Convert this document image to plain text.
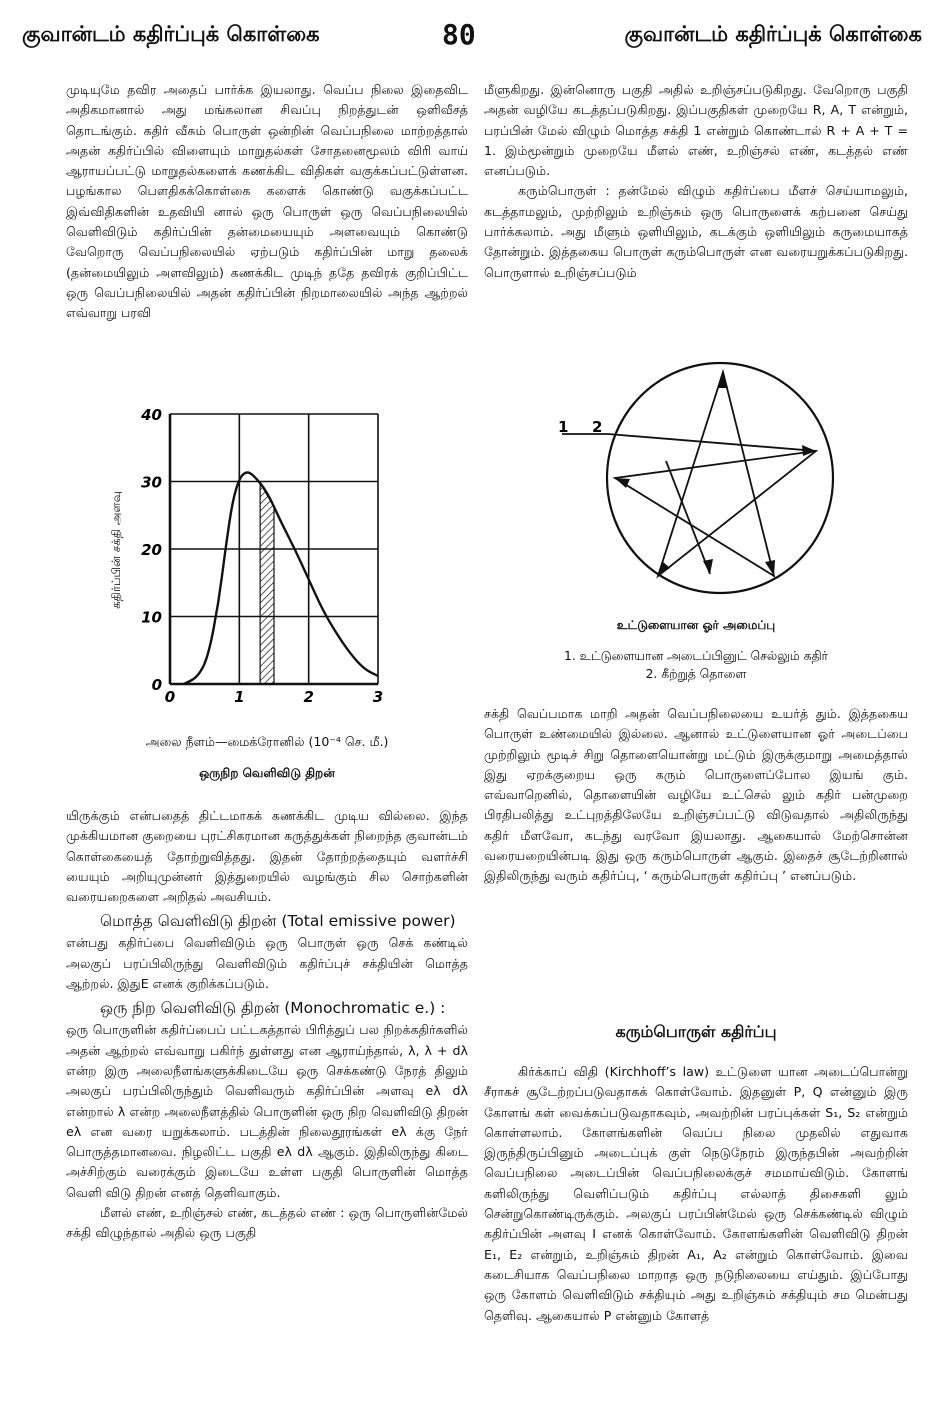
குவான்டம் கதிர்ப்புக் கொள்கை	80	குவான்டம் கதிர்ப்புக் கொள்கை

முடியுமே தவிர அதைப் பார்க்க இயலாது. வெப்ப நிலை இதைவிட அதிகமானால் அது மங்கலான சிவப்பு நிறத்துடன் ஒளிவீசத் தொடங்கும். கதிர் வீசும் பொருள் ஒன்றின் வெப்பநிலை மாற்றத்தால் அதன் கதிர்ப்பில் விளையும் மாறுதல்கள் சோதனைமூலம் விரி வாய் ஆராயப்பட்டு மாறுதல்களைக் கணக்கிட விதிகள் வகுக்கப்பட்டுள்ளன. பழங்கால பௌதிகக்கொள்கை களைக் கொண்டு வகுக்கப்பட்ட இவ்விதிகளின் உதவியி னால் ஒரு பொருள் ஒரு வெப்பநிலையில் வெளிவிடும் கதிர்ப்பின் தன்மையையும் அளவையும் கொண்டு வேறொரு வெப்பநிலையில் ஏற்படும் கதிர்ப்பின் மாறு தலைக் (தன்மையிலும் அளவிலும்) கணக்கிட முடிந் ததே தவிரக் குறிப்பிட்ட ஒரு வெப்பநிலையில் அதன் கதிர்ப்பின் நிறமாலையில் அந்த ஆற்றல் எவ்வாறு பரவி

0
10
20
30
40
0	1	2	3
கதிர்ப்பின் சக்தி அளவு
அலை நீளம்—மைக்ரோனில் (10⁻⁴ செ. மீ.)
ஒருநிற வெளிவிடு திறன்

யிருக்கும் என்பதைத் திட்டமாகக் கணக்கிட முடிய வில்லை. இந்த முக்கியமான குறையை புரட்சிகரமான கருத்துக்கள் நிறைந்த குவான்டம் கொள்கையைத் தோற்றுவித்தது. இதன் தோற்றத்தையும் வளர்ச்சி யையும் அறியுமுன்னர் இத்துறையில் வழங்கும் சில சொற்களின் வரையறைகளை அறிதல் அவசியம்.

மொத்த வெளிவிடு திறன் (Total emissive power)

என்பது கதிர்ப்பை வெளிவிடும் ஒரு பொருள் ஒரு செக் கண்டில் அலகுப் பரப்பிலிருந்து வெளிவிடும் கதிர்ப்புச் சக்தியின் மொத்த ஆற்றல். இதுE எனக் குறிக்கப்படும்.

ஒரு நிற வெளிவிடு திறன் (Monochromatic e.) :

ஒரு பொருளின் கதிர்ப்பைப் பட்டகத்தால் பிரித்துப் பல நிறக்கதிர்களில் அதன் ஆற்றல் எவ்வாறு பகிர்ந் துள்ளது என ஆராய்ந்தால், λ, λ + dλ என்ற இரு அலைநீளங்களுக்கிடையே ஒரு செக்கண்டு நேரத் திலும் அலகுப் பரப்பிலிருந்தும் வெளிவரும் கதிர்ப்பின் அளவு eλ dλ என்றால் λ என்ற அலைநீளத்தில் பொருளின் ஒரு நிற வெளிவிடு திறன் eλ என வரை யறுக்கலாம். படத்தின் நிலைதூரங்கள் eλ க்கு நேர் பொருத்தமானவை. நிழலிட்ட பகுதி eλ dλ ஆகும். இதிலிருந்து கிடை அச்சிற்கும் வரைக்கும் இடையே உள்ள பகுதி பொருளின் மொத்த வெளி விடு திறன் எனத் தெளிவாகும்.

மீளல் எண், உறிஞ்சல் எண், கடத்தல் எண் : ஒரு பொருளின்மேல் சக்தி விழுந்தால் அதில் ஒரு பகுதி

மீளுகிறது. இன்னொரு பகுதி அதில் உறிஞ்சப்படுகிறது. வேறொரு பகுதி அதன் வழியே கடத்தப்படுகிறது. இப்பகுதிகள் முறையே R, A, T என்றும், பரப்பின் மேல் விழும் மொத்த சக்தி 1 என்றும் கொண்டால் R + A + T = 1. இம்மூன்றும் முறையே மீளல் எண், உறிஞ்சல் எண், கடத்தல் எண் எனப்படும்.

கரும்பொருள் : தன்மேல் விழும் கதிர்ப்பை மீளச் செய்யாமலும், கடத்தாமலும், முற்றிலும் உறிஞ்சும் ஒரு பொருளைக் கற்பனை செய்து பார்க்கலாம். அது மீளும் ஒளியிலும், கடக்கும் ஒளியிலும் கருமையாகத் தோன்றும். இத்தகைய பொருள் கரும்பொருள் என வரையறுக்கப்படுகிறது. பொருளால் உறிஞ்சப்படும்

1 2
உட்டுளையான ஓர் அமைப்பு
1. உட்டுளையான அடைப்பினுட் செல்லும் கதிர்
2. கீற்றுத் தொளை

சக்தி வெப்பமாக மாறி அதன் வெப்பநிலையை உயர்த் தும். இத்தகைய பொருள் உண்மையில் இல்லை. ஆனால் உட்டுளையான ஓர் அடைப்பை முற்றிலும் மூடிச் சிறு தொளையொன்று மட்டும் இருக்குமாறு அமைத்தால் இது ஏறக்குறைய ஒரு கரும் பொருளைப்போல இயங் கும். எவ்வாறெனில், தொளையின் வழியே உட்செல் லும் கதிர் பன்முறை பிரதிபலித்து உட்புறத்திலேயே உறிஞ்சப்பட்டு விடுவதால் அதிலிருந்து கதிர் மீளவோ, கடந்து வரவோ இயலாது. ஆகையால் மேற்சொன்ன வரையறையின்படி இது ஒரு கரும்பொருள் ஆகும். இதைச் சூடேற்றினால் இதிலிருந்து வரும் கதிர்ப்பு, ‘ கரும்பொருள் கதிர்ப்பு ’ எனப்படும்.

கரும்பொருள் கதிர்ப்பு

கிர்க்காப் விதி (Kirchhoff’s law) உட்டுளை யான அடைப்பொன்று சீராகச் சூடேற்றப்படுவதாகக் கொள்வோம். இதனுள் P, Q என்னும் இரு கோளங் கள் வைக்கப்படுவதாகவும், அவற்றின் பரப்புக்கள் S₁, S₂ என்றும் கொள்ளலாம். கோளங்களின் வெப்ப நிலை முதலில் எதுவாக இருந்திருப்பினும் அடைப்புக் குள் நெடுநேரம் இருந்தபின் அவற்றின் வெப்பநிலை அடைப்பின் வெப்பநிலைக்குச் சமமாய்விடும். கோளங் களிலிருந்து வெளிப்படும் கதிர்ப்பு எல்லாத் திசைகளி லும் சென்றுகொண்டிருக்கும். அலகுப் பரப்பின்மேல் ஒரு செக்கண்டில் விழும் கதிர்ப்பின் அளவு I எனக் கொள்வோம். கோளங்களின் வெளிவிடு திறன் E₁, E₂ என்றும், உறிஞ்சும் திறன் A₁, A₂ என்றும் கொள்வோம். இவை கடைசியாக வெப்பநிலை மாறாத ஒரு நடுநிலையை எய்தும். இப்போது ஒரு கோளம் வெளிவிடும் சக்தியும் அது உறிஞ்சும் சக்தியும் சம மென்பது தெளிவு. ஆகையால் P என்னும் கோளத்
